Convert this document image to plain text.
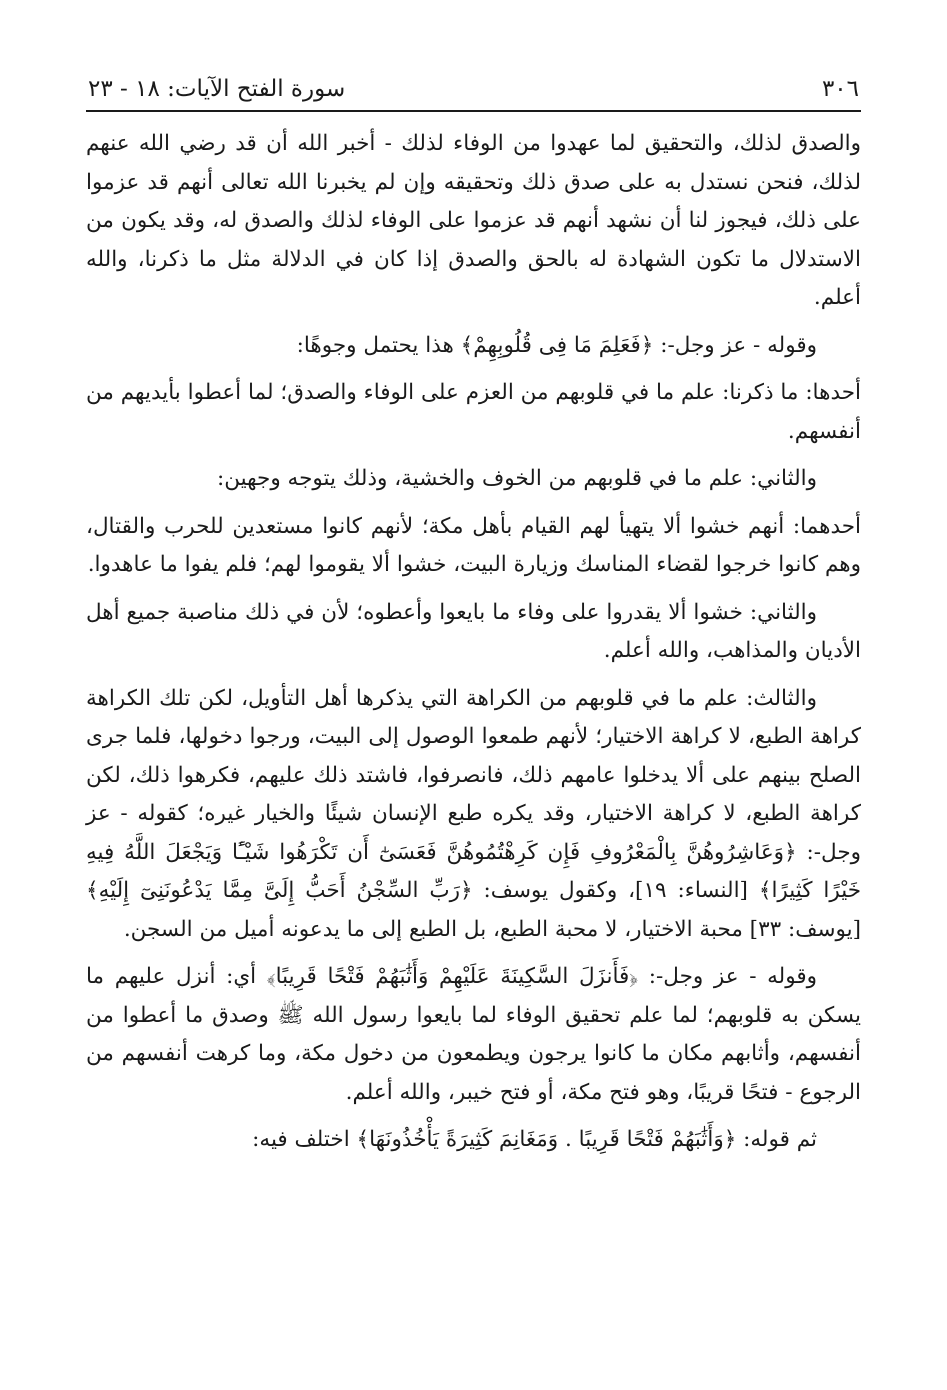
٣٠٦
سورة الفتح الآيات: ١٨ - ٢٣

والصدق لذلك، والتحقيق لما عهدوا من الوفاء لذلك - أخبر الله أن قد رضي الله عنهم لذلك، فنحن نستدل به على صدق ذلك وتحقيقه وإن لم يخبرنا الله تعالى أنهم قد عزموا على ذلك، فيجوز لنا أن نشهد أنهم قد عزموا على الوفاء لذلك والصدق له، وقد يكون من الاستدلال ما تكون الشهادة له بالحق والصدق إذا كان في الدلالة مثل ما ذكرنا، والله أعلم.

وقوله - عز وجل-: ﴿فَعَلِمَ مَا فِى قُلُوبِهِمْ﴾ هذا يحتمل وجوهًا:

أحدها: ما ذكرنا: علم ما في قلوبهم من العزم على الوفاء والصدق؛ لما أعطوا بأيديهم من أنفسهم.

والثاني: علم ما في قلوبهم من الخوف والخشية، وذلك يتوجه وجهين:

أحدهما: أنهم خشوا ألا يتهيأ لهم القيام بأهل مكة؛ لأنهم كانوا مستعدين للحرب والقتال، وهم كانوا خرجوا لقضاء المناسك وزيارة البيت، خشوا ألا يقوموا لهم؛ فلم يفوا ما عاهدوا.

والثاني: خشوا ألا يقدروا على وفاء ما بايعوا وأعطوه؛ لأن في ذلك مناصبة جميع أهل الأديان والمذاهب، والله أعلم.

والثالث: علم ما في قلوبهم من الكراهة التي يذكرها أهل التأويل، لكن تلك الكراهة كراهة الطبع، لا كراهة الاختيار؛ لأنهم طمعوا الوصول إلى البيت، ورجوا دخولها، فلما جرى الصلح بينهم على ألا يدخلوا عامهم ذلك، فانصرفوا، فاشتد ذلك عليهم، فكرهوا ذلك، لكن كراهة الطبع، لا كراهة الاختيار، وقد يكره طبع الإنسان شيئًا والخيار غيره؛ كقوله - عز وجل-: ﴿وَعَاشِرُوهُنَّ بِالْمَعْرُوفِ فَإِن كَرِهْتُمُوهُنَّ فَعَسَىٰٓ أَن تَكْرَهُوا شَيْـًٔا وَيَجْعَلَ اللَّهُ فِيهِ خَيْرًا كَثِيرًا﴾ [النساء: ١٩]، وكقول يوسف: ﴿رَبِّ السِّجْنُ أَحَبُّ إِلَىَّ مِمَّا يَدْعُونَنِىٓ إِلَيْهِ﴾ [يوسف: ٣٣] محبة الاختيار، لا محبة الطبع، بل الطبع إلى ما يدعونه أميل من السجن.

وقوله - عز وجل-: ﴿فَأَنزَلَ السَّكِينَةَ عَلَيْهِمْ وَأَثَٰبَهُمْ فَتْحًا قَرِيبًا﴾ أي: أنزل عليهم ما يسكن به قلوبهم؛ لما علم تحقيق الوفاء لما بايعوا رسول الله ﷺ وصدق ما أعطوا من أنفسهم، وأثابهم مكان ما كانوا يرجون ويطمعون من دخول مكة، وما كرهت أنفسهم من الرجوع - فتحًا قريبًا، وهو فتح مكة، أو فتح خيبر، والله أعلم.

ثم قوله: ﴿وَأَثَٰبَهُمْ فَتْحًا قَرِيبًا . وَمَغَانِمَ كَثِيرَةً يَأْخُذُونَهَا﴾ اختلف فيه:
